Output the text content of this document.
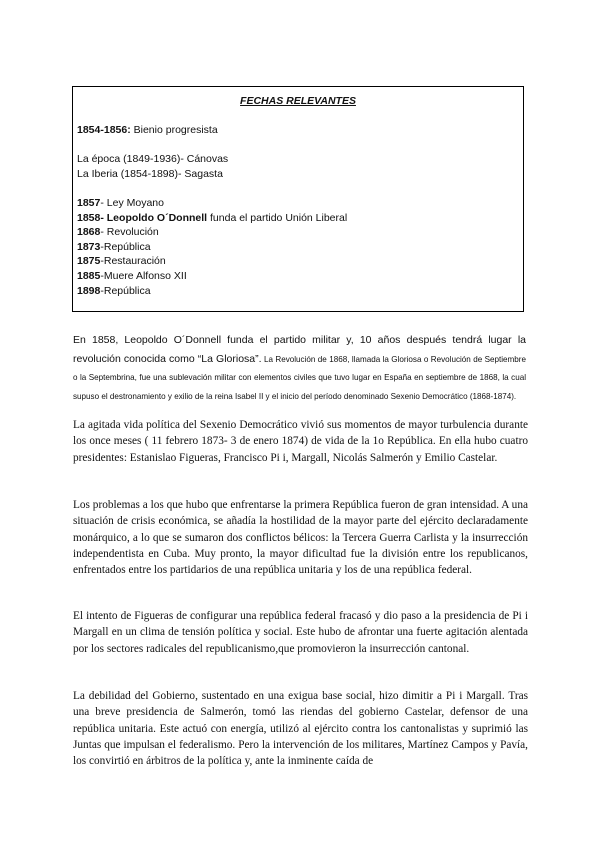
FECHAS RELEVANTES
1854-1856: Bienio progresista
La época (1849-1936)- Cánovas
La Iberia (1854-1898)- Sagasta
1857- Ley Moyano
1858- Leopoldo O´Donnell funda el partido Unión Liberal
1868- Revolución
1873-República
1875-Restauración
1885-Muere Alfonso XII
1898-República
En 1858, Leopoldo O´Donnell funda el partido militar y, 10 años después tendrá lugar la revolución conocida como “La Gloriosa”. La Revolución de 1868, llamada la Gloriosa o Revolución de Septiembre o la Septembrina, fue una sublevación militar con elementos civiles que tuvo lugar en España en septiembre de 1868, la cual supuso el destronamiento y exilio de la reina Isabel II y el inicio del período denominado Sexenio Democrático (1868-1874).

La agitada vida política del Sexenio Democrático vivió sus momentos de mayor turbulencia durante los once meses ( 11 febrero 1873- 3 de enero 1874) de vida de la 1o República. En ella hubo cuatro presidentes: Estanislao Figueras, Francisco Pi i, Margall, Nicolás Salmerón y Emilio Castelar.

Los problemas a los que hubo que enfrentarse la primera República fueron de gran intensidad. A una situación de crisis económica, se añadía la hostilidad de la mayor parte del ejército declaradamente monárquico, a lo que se sumaron dos conflictos bélicos: la Tercera Guerra Carlista y la insurrección independentista en Cuba. Muy pronto, la mayor dificultad fue la división entre los republicanos, enfrentados entre los partidarios de una república unitaria y los de una república federal.

El intento de Figueras de configurar una república federal fracasó y dio paso a la presidencia de Pi i Margall en un clima de tensión política y social. Este hubo de afrontar una fuerte agitación alentada por los sectores radicales del republicanismo,que promovieron la insurrección cantonal.

La debilidad del Gobierno, sustentado en una exigua base social, hizo dimitir a Pi i Margall. Tras una breve presidencia de Salmerón, tomó las riendas del gobierno Castelar, defensor de una república unitaria. Este actuó con energía, utilizó al ejército contra los cantonalistas y suprimió las Juntas que impulsan el federalismo. Pero la intervención de los militares, Martínez Campos y Pavía, los convirtió en árbitros de la política y, ante la inminente caída de
